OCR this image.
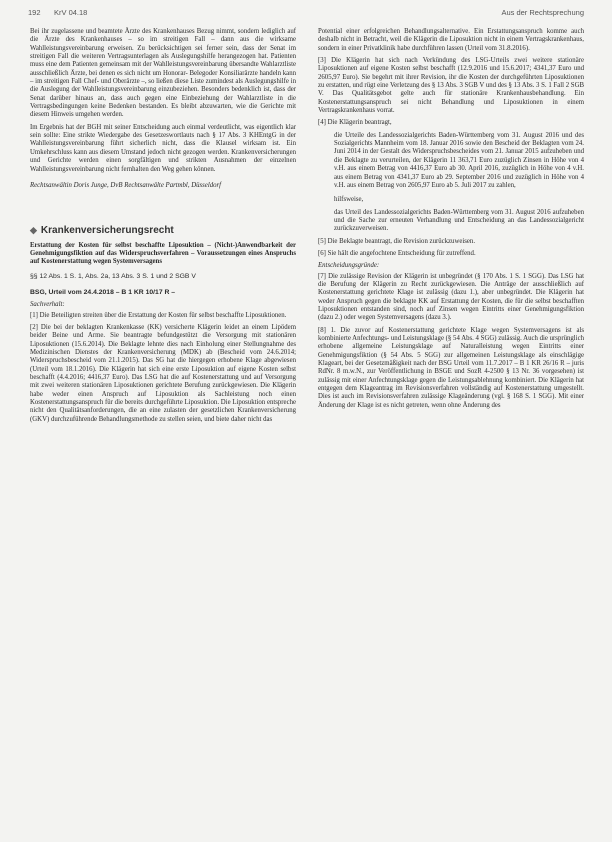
192 KrV 04.18	Aus der Rechtsprechung

Bei ihr zugelassene und beamtete Ärzte des Krankenhauses Bezug nimmt, sondern lediglich auf die Ärzte des Krankenhauses – so im streitigen Fall – dann aus die wirksame Wahlleistungsvereinbarung erweisen. Zu berücksichtigen sei ferner sein, dass der Senat im streitigen Fall die weiteren Vertragsunterlagen als Auslegungshilfe herangezogen hat. Patienten muss eine dem Patienten gemeinsam mit der Wahlleistungsvereinbarung übersandte Wahlarztliste ausschließlich Ärzte, bei denen es sich nicht um Honorar- Belegoder Konsiliarärzte handeln kann – im streitigen Fall Chef- und Oberärzte –, so ließen diese Liste zumindest als Auslegungshilfe in die Auslegung der Wahlleistungsvereinbarung einzubeziehen. Besonders bedenklich ist, dass der Senat darüber hinaus an, dass auch gegen eine Einbeziehung der Wahlarztliste in die Vertragsbedingungen keine Bedenken bestanden. Es bleibt abzuwarten, wie die Gerichte mit diesem Hinweis umgehen werden.

Im Ergebnis hat der BGH mit seiner Entscheidung auch einmal verdeutlicht, was eigentlich klar sein sollte: Eine strikte Wiedergabe des Gesetzeswortlauts nach § 17 Abs. 3 KHEntgG in der Wahlleistungsvereinbarung führt sicherlich nicht, dass die Klausel wirksam ist. Ein Umkehrschluss kann aus diesem Umstand jedoch nicht gezogen werden. Krankenversicherungen und Gerichte werden einen sorgfältigen und strikten Ausnahmen der einzelnen Wahlleistungsvereinbarung nicht fernhalten den Weg gehen können.

Rechtsanwältin Doris Junge, DvB Rechtsanwälte Partmbl, Düsseldorf

◆ Krankenversicherungsrecht

Erstattung der Kosten für selbst beschaffte Liposuktion – (Nicht-)Anwendbarkeit der Genehmigungsfiktion auf das Widerspruchsverfahren – Voraussetzungen eines Anspruchs auf Kostenerstattung wegen Systemversagens

§§ 12 Abs. 1 S. 1, Abs. 2a, 13 Abs. 3 S. 1 und 2 SGB V

BSG, Urteil vom 24.4.2018 – B 1 KR 10/17 R –

Sachverhalt:

[1] Die Beteiligten streiten über die Erstattung der Kosten für selbst beschaffte Liposuktionen.

[2] Die bei der beklagten Krankenkasse (KK) versicherte Klägerin leidet an einem Lipödem beider Beine und Arme. Sie beantragte befundgestützt die Versorgung mit stationären Liposuktionen (15.6.2014). Die Beklagte lehnte dies nach Einholung einer Stellungnahme des Medizinischen Dienstes der Krankenversicherung (MDK) ab (Bescheid vom 24.6.2014; Widerspruchsbescheid vom 21.1.2015). Das SG hat die hiergegen erhobene Klage abgewiesen (Urteil vom 18.1.2016). Die Klägerin hat sich eine erste Liposuktion auf eigene Kosten selbst beschafft (4.4.2016; 4416,37 Euro). Das LSG hat die auf Kostenerstattung und auf Versorgung mit zwei weiteren stationären Liposuktionen gerichtete Berufung zurückgewiesen. Die Klägerin habe weder einen Anspruch auf Liposuktion als Sachleistung noch einen Kostenerstattungsanspruch für die bereits durchgeführte Liposuktion. Die Liposuktion entspreche nicht den Qualitätsanforderungen, die an eine zulasten der gesetzlichen Krankenversicherung (GKV) durchzuführende Behandlungsmethode zu stellen seien, und biete daher nicht das

Potential einer erfolgreichen Behandlungsalternative. Ein Erstattungsanspruch komme auch deshalb nicht in Betracht, weil die Klägerin die Liposuktion nicht in einem Vertragskrankenhaus, sondern in einer Privatklinik habe durchführen lassen (Urteil vom 31.8.2016).

[3] Die Klägerin hat sich nach Verkündung des LSG-Urteils zwei weitere stationäre Liposuktionen auf eigene Kosten selbst beschafft (12.9.2016 und 15.6.2017; 4341,37 Euro und 2605,97 Euro). Sie begehrt mit ihrer Revision, ihr die Kosten der durchgeführten Liposuktionen zu erstatten, und rügt eine Verletzung des § 13 Abs. 3 SGB V und des § 13 Abs. 3 S. 1 Fall 2 SGB V. Das Qualitätsgebot gelte auch für stationäre Krankenhausbehandlung. Ein Kostenerstattungsanspruch sei nicht Behandlung und Liposuktionen in einem Vertragskrankenhaus vorrat.

[4] Die Klägerin beantragt,

die Urteile des Landessozialgerichts Baden-Württemberg vom 31. August 2016 und des Sozialgerichts Mannheim vom 18. Januar 2016 sowie den Bescheid der Beklagten vom 24. Juni 2014 in der Gestalt des Widerspruchsbescheides vom 21. Januar 2015 aufzuheben und die Beklagte zu verurteilen, der Klägerin 11 363,71 Euro zuzüglich Zinsen in Höhe von 4 v.H. aus einem Betrag von 4416,37 Euro ab 30. April 2016, zuzüglich in Höhe von 4 v.H. aus einem Betrag von 4341,37 Euro ab 29. September 2016 und zuzüglich in Höhe von 4 v.H. aus einem Betrag von 2605,97 Euro ab 5. Juli 2017 zu zahlen,

hilfsweise,

das Urteil des Landessozialgerichts Baden-Württemberg vom 31. August 2016 aufzuheben und die Sache zur erneuten Verhandlung und Entscheidung an das Landessozialgericht zurückzuverweisen.

[5] Die Beklagte beantragt, die Revision zurückzuweisen.

[6] Sie hält die angefochtene Entscheidung für zutreffend.

Entscheidungsgründe:

[7] Die zulässige Revision der Klägerin ist unbegründet (§ 170 Abs. 1 S. 1 SGG). Das LSG hat die Berufung der Klägerin zu Recht zurückgewiesen. Die Anträge der ausschließlich auf Kostenerstattung gerichtete Klage ist zulässig (dazu 1.), aber unbegründet. Die Klägerin hat weder Anspruch gegen die beklagte KK auf Erstattung der Kosten, die für die selbst beschafften Liposuktionen entstanden sind, noch auf Zinsen wegen Eintritts einer Genehmigungsfiktion (dazu 2.) oder wegen Systemversagens (dazu 3.).

[8] 1. Die zuvor auf Kostenerstattung gerichtete Klage wegen Systemversagens ist als kombinierte Anfechtungs- und Leistungsklage (§ 54 Abs. 4 SGG) zulässig. Auch die ursprünglich erhobene allgemeine Leistungsklage auf Naturalleistung wegen Eintritts einer Genehmigungsfiktion (§ 54 Abs. 5 SGG) zur allgemeinen Leistungsklage als einschlägige Klageart, bei der Gesetzmäßigkeit nach der BSG Urteil vom 11.7.2017 – B 1 KR 26/16 R – juris RdNr. 8 m.w.N., zur Veröffentlichung in BSGE und SozR 4-2500 § 13 Nr. 36 vorgesehen) ist zulässig mit einer Anfechtungsklage gegen die Leistungsablehnung kombiniert. Die Klägerin hat entgegen dem Klageantrag im Revisionsverfahren vollständig auf Kostenerstattung umgestellt. Dies ist auch im Revisionsverfahren zulässige Klageänderung (vgl. § 168 S. 1 SGG). Mit einer Änderung der Klage ist es nicht getreten, wenn ohne Änderung des
